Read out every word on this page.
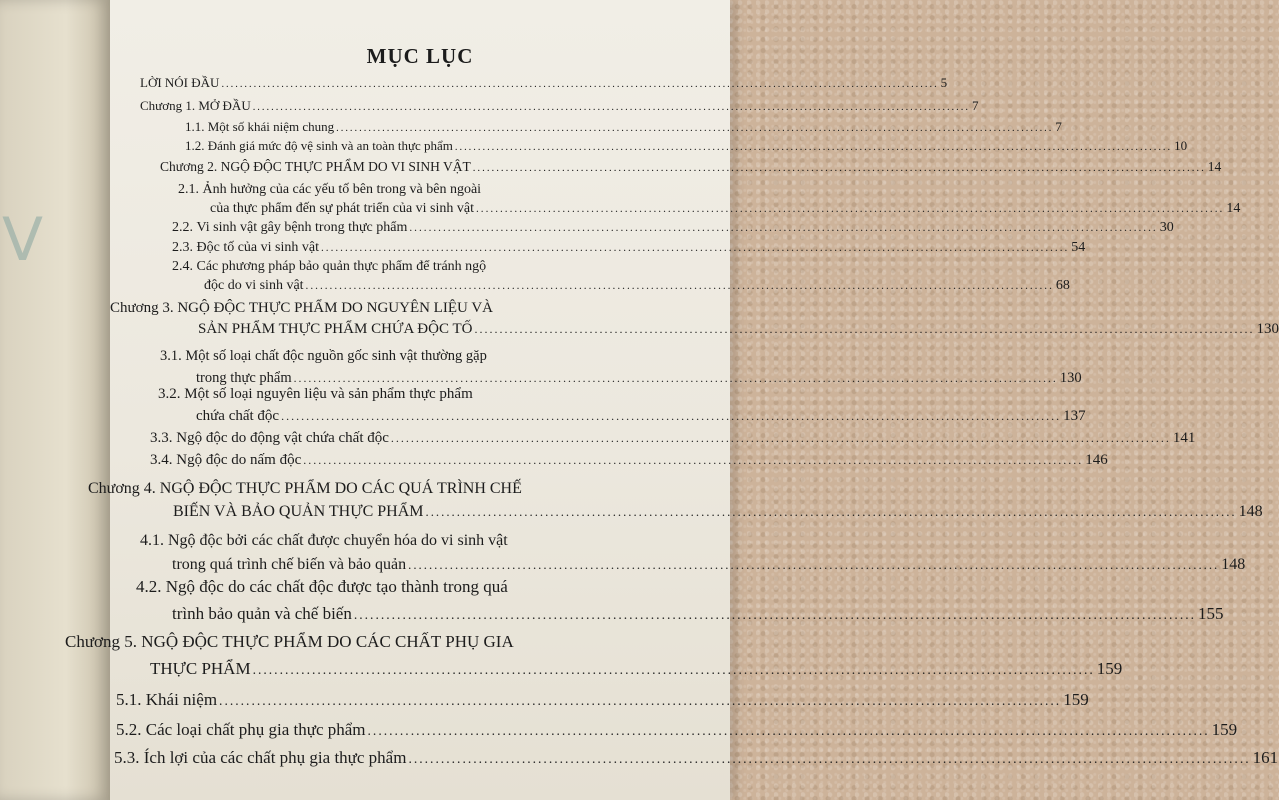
V
MỤC LỤC
LỜI NÓI ĐẦU ............................................................................................................................................................ 5
Chương 1. MỞ ĐẦU ............................................................................................................................................................ 7
1.1.
Một số khái niệm chung ............................................................................................................................................................ 7
1.2.
Đánh giá mức độ vệ sinh và an toàn thực phẩm ............................................................................................................................................................ 10
Chương 2. NGỘ ĐỘC THỰC PHẨM DO VI SINH VẬT ............................................................................................................................................................ 14
2.1. Ảnh hưởng của các yếu tố bên trong và bên ngoài
của thực phẩm đến sự phát triển của vi sinh vật ............................................................................................................................................................ 14
2.2.
Vi sinh vật gây bệnh trong thực phẩm ............................................................................................................................................................ 30
2.3.
Độc tố của vi sinh vật ............................................................................................................................................................ 54
2.4. Các phương pháp bảo quản thực phẩm để tránh ngộ
độc do vi sinh vật ............................................................................................................................................................ 68
Chương 3. NGỘ ĐỘC THỰC PHẨM DO NGUYÊN LIỆU VÀ
SẢN PHẨM THỰC PHẨM CHỨA ĐỘC TỐ ............................................................................................................................................................ 130
3.1. Một số loại chất độc nguồn gốc sinh vật thường gặp
trong thực phẩm ............................................................................................................................................................ 130
3.2. Một số loại nguyên liệu và sản phẩm thực phẩm
chứa chất độc ............................................................................................................................................................ 137
3.3.
Ngộ độc do động vật chứa chất độc ............................................................................................................................................................ 141
3.4.
Ngộ độc do nấm độc ............................................................................................................................................................ 146
Chương 4. NGỘ ĐỘC THỰC PHẨM DO CÁC QUÁ TRÌNH CHẾ
BIẾN VÀ BẢO QUẢN THỰC PHẨM ............................................................................................................................................................ 148
4.1. Ngộ độc bởi các chất được chuyển hóa do vi sinh vật
trong quá trình chế biến và bảo quản ............................................................................................................................................................ 148
4.2. Ngộ độc do các chất độc được tạo thành trong quá
trình bảo quản và chế biến ............................................................................................................................................................ 155
Chương 5. NGỘ ĐỘC THỰC PHẨM DO CÁC CHẤT PHỤ GIA
THỰC PHẨM ............................................................................................................................................................ 159
5.1.
Khái niệm ............................................................................................................................................................ 159
5.2.
Các loại chất phụ gia thực phẩm ............................................................................................................................................................ 159
5.3.
Ích lợi của các chất phụ gia thực phẩm ............................................................................................................................................................ 161
